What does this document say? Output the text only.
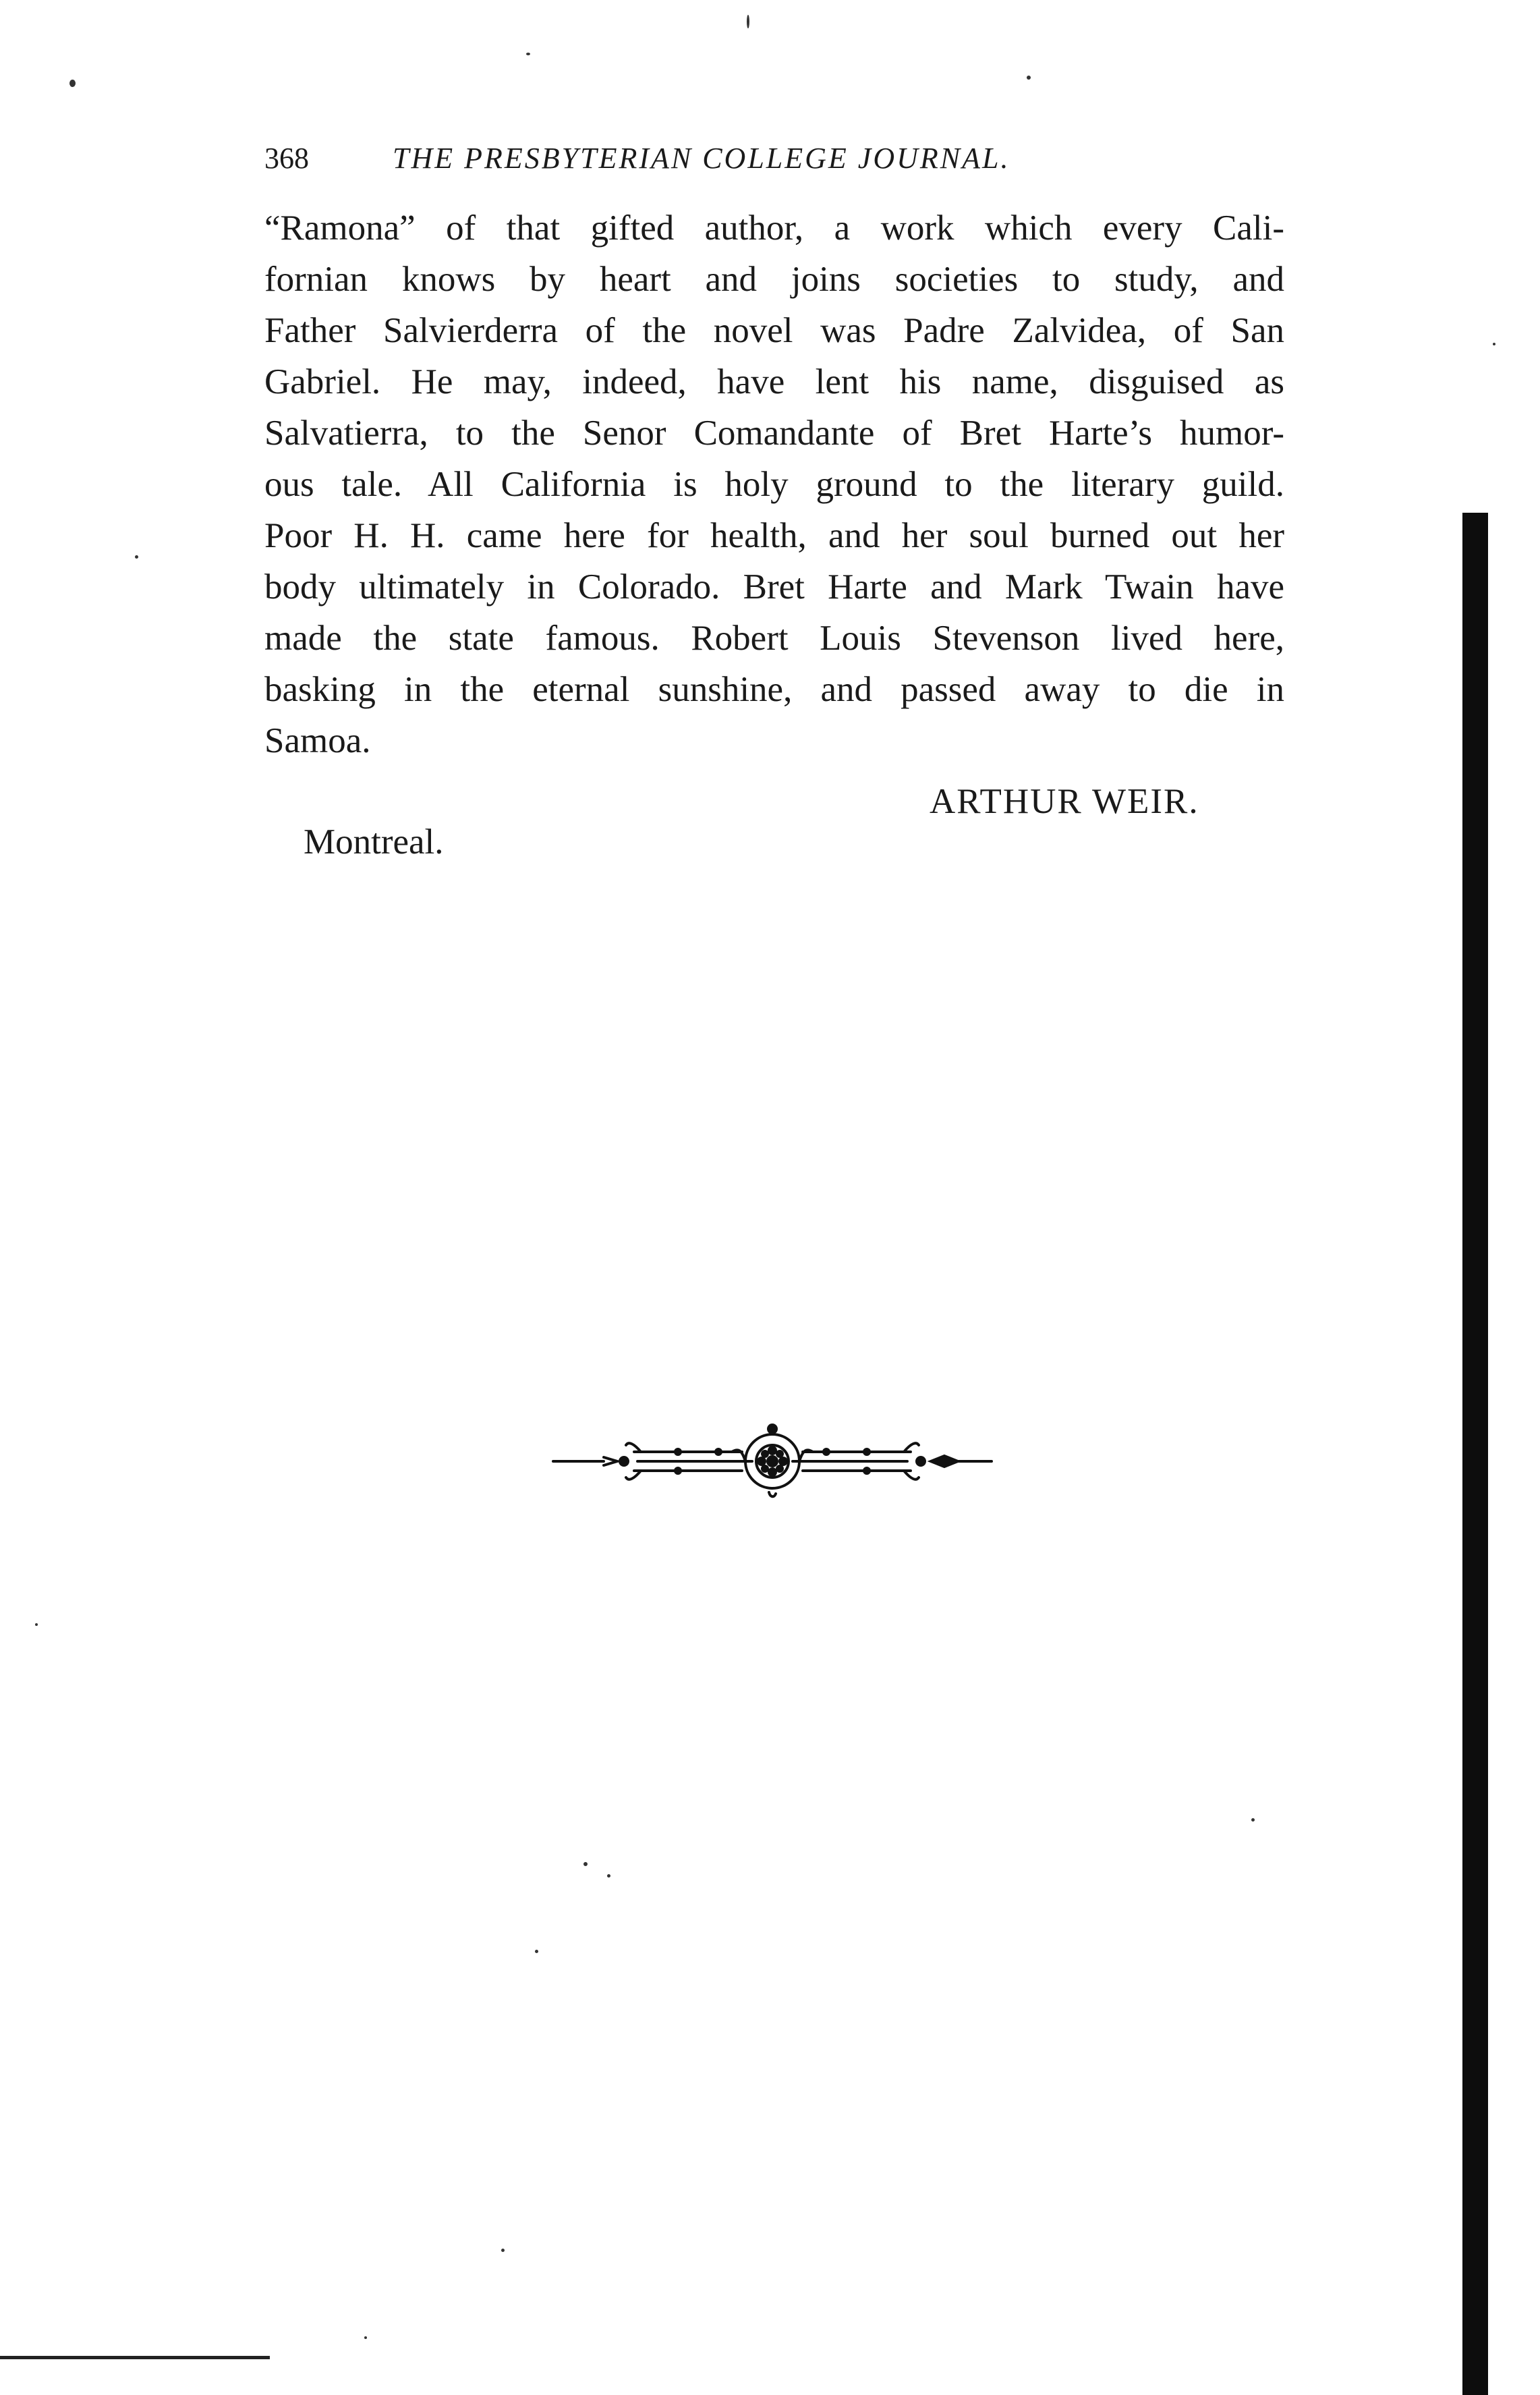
368	THE PRESBYTERIAN COLLEGE JOURNAL.
“Ramona” of that gifted author, a work which every Cali-
fornian knows by heart and joins societies to study, and
Father Salvierderra of the novel was Padre Zalvidea, of San
Gabriel. He may, indeed, have lent his name, disguised as
Salvatierra, to the Senor Comandante of Bret Harte’s humor-
ous tale. All California is holy ground to the literary guild.
Poor H. H. came here for health, and her soul burned out her
body ultimately in Colorado. Bret Harte and Mark Twain have
made the state famous. Robert Louis Stevenson lived here,
basking in the eternal sunshine, and passed away to die in
Samoa.
ARTHUR WEIR.
Montreal.
